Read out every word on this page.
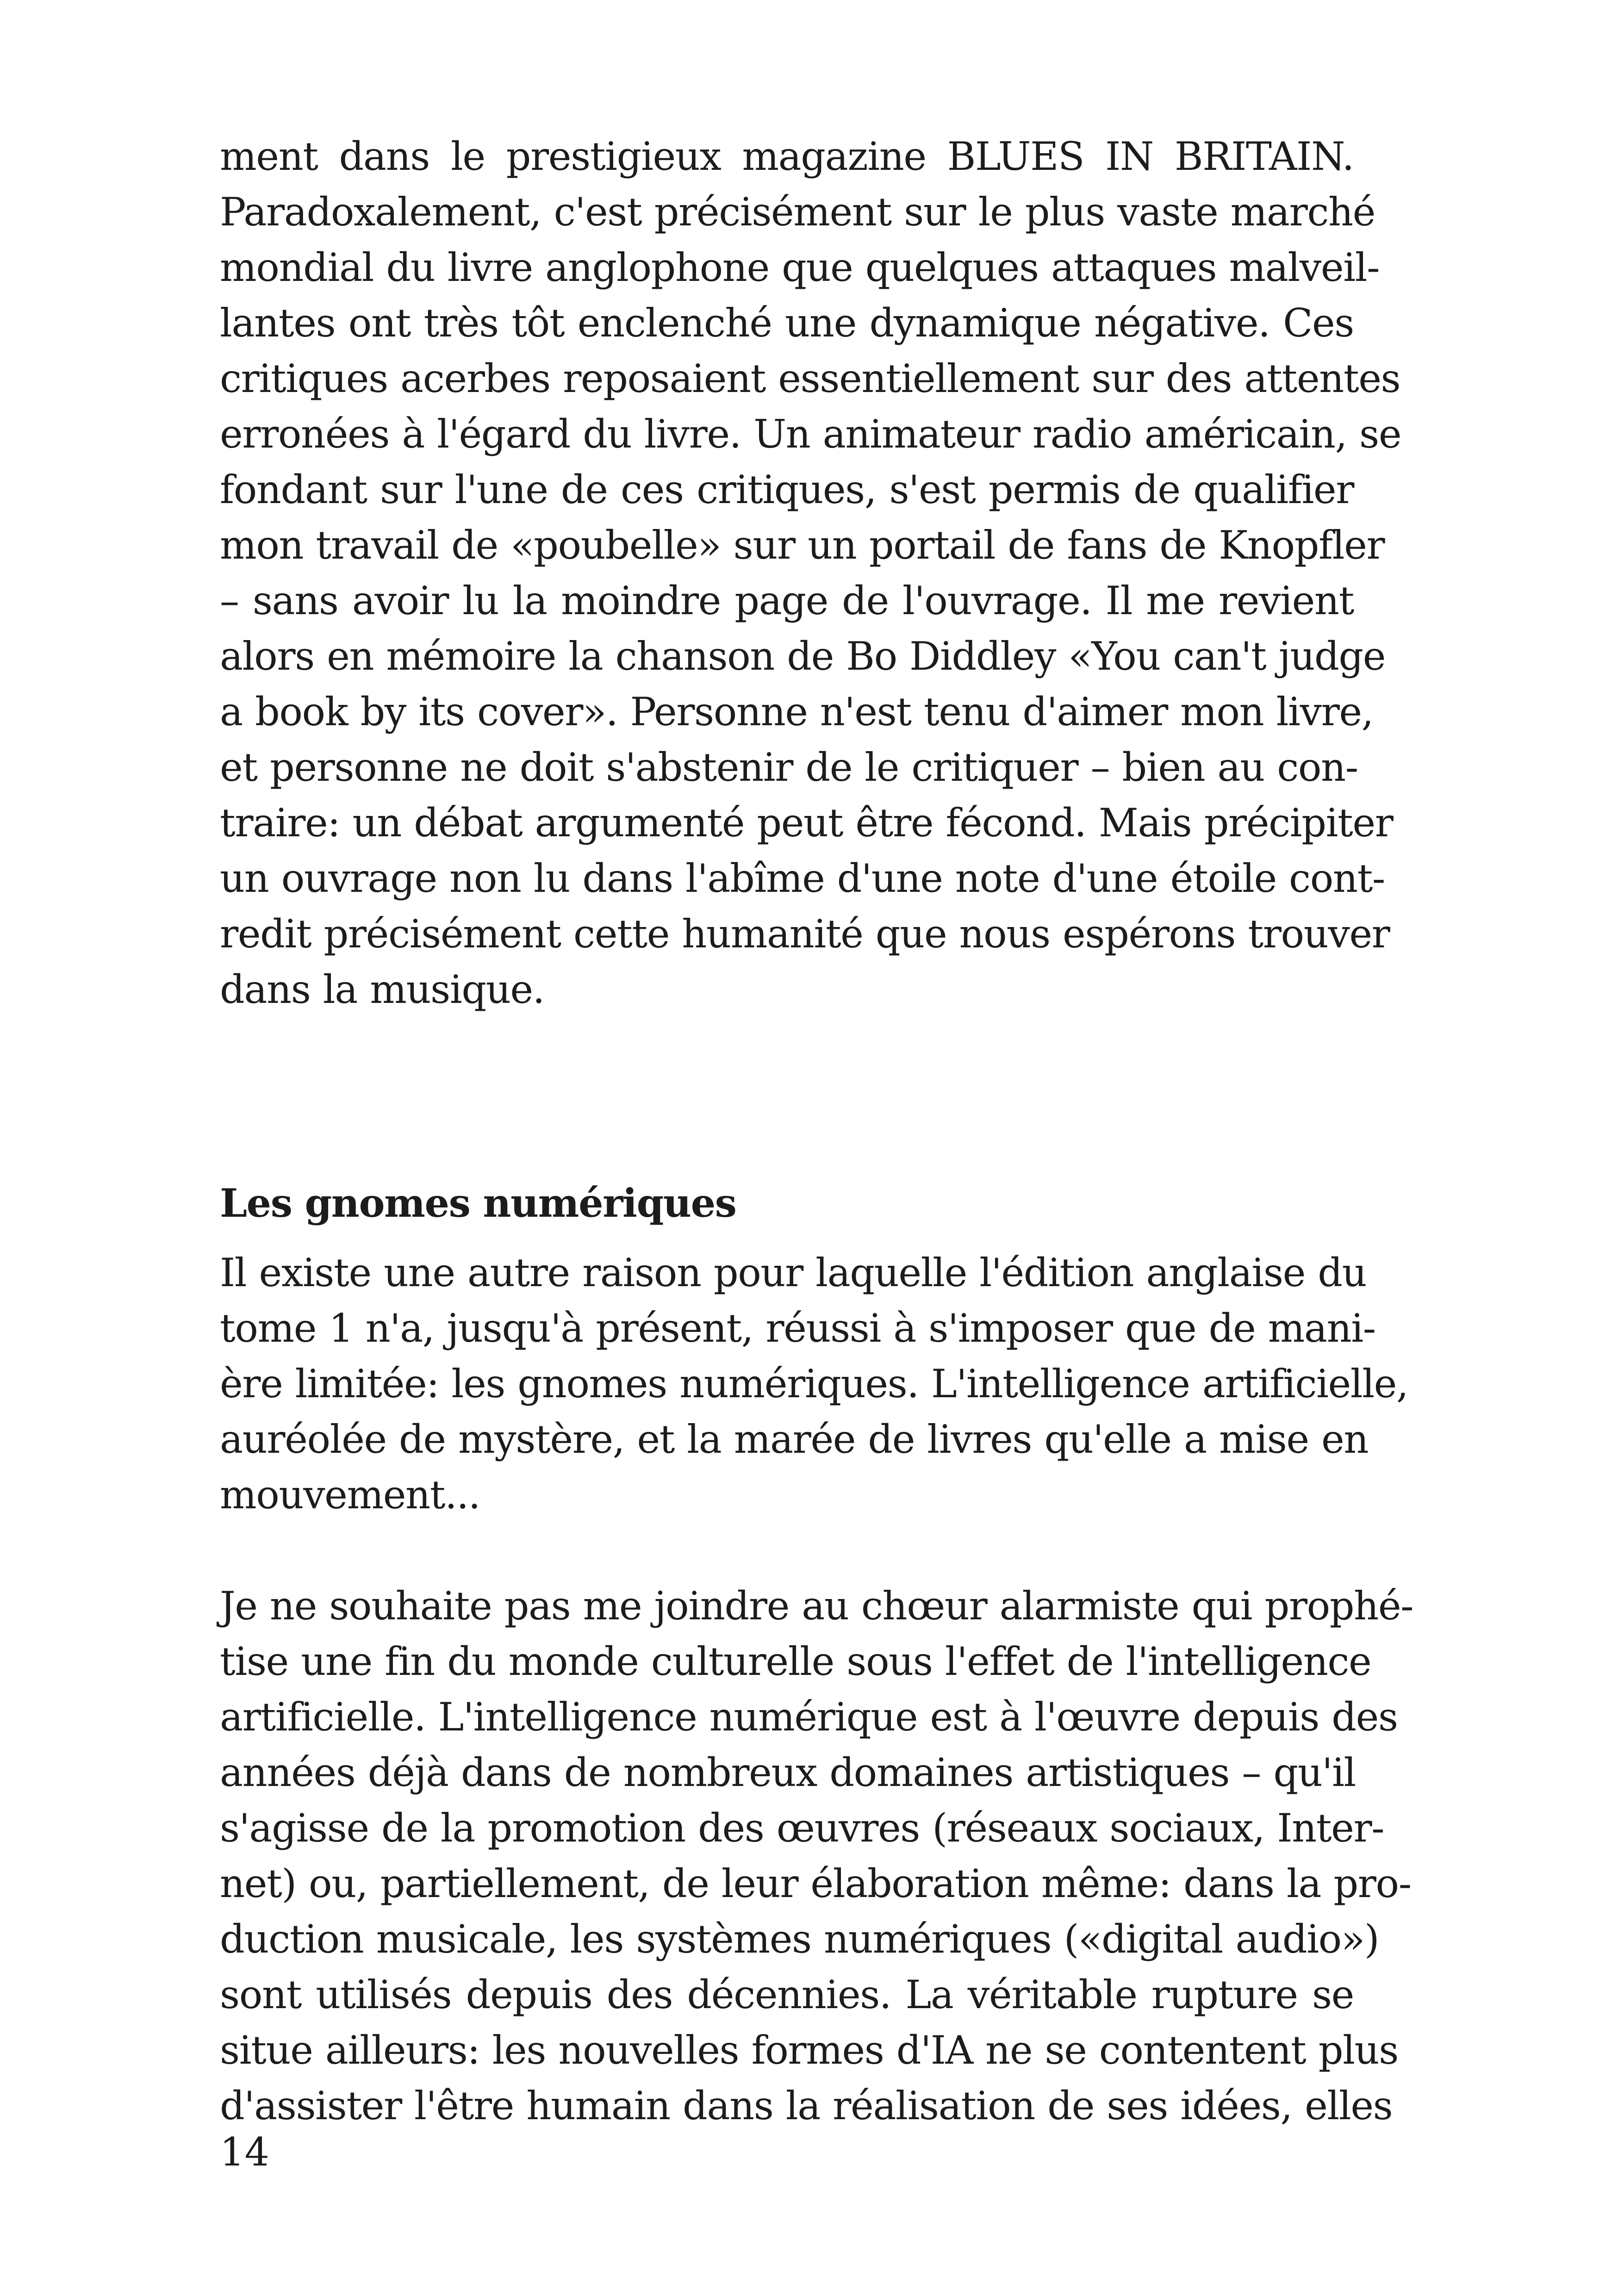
ment dans le prestigieux magazine BLUES IN BRITAIN.
Paradoxalement, c'est précisément sur le plus vaste marché
mondial du livre anglophone que quelques attaques malveil-
lantes ont très tôt enclenché une dynamique négative. Ces
critiques acerbes reposaient essentiellement sur des attentes
erronées à l'égard du livre. Un animateur radio américain, se
fondant sur l'une de ces critiques, s'est permis de qualifier
mon travail de «poubelle» sur un portail de fans de Knopfler
– sans avoir lu la moindre page de l'ouvrage. Il me revient
alors en mémoire la chanson de Bo Diddley «You can't judge
a book by its cover». Personne n'est tenu d'aimer mon livre,
et personne ne doit s'abstenir de le critiquer – bien au con-
traire: un débat argumenté peut être fécond. Mais précipiter
un ouvrage non lu dans l'abîme d'une note d'une étoile cont-
redit précisément cette humanité que nous espérons trouver
dans la musique.
Les gnomes numériques
Il existe une autre raison pour laquelle l'édition anglaise du
tome 1 n'a, jusqu'à présent, réussi à s'imposer que de mani-
ère limitée: les gnomes numériques. L'intelligence artificielle,
auréolée de mystère, et la marée de livres qu'elle a mise en
mouvement...
Je ne souhaite pas me joindre au chœur alarmiste qui prophé-
tise une fin du monde culturelle sous l'effet de l'intelligence
artificielle. L'intelligence numérique est à l'œuvre depuis des
années déjà dans de nombreux domaines artistiques – qu'il
s'agisse de la promotion des œuvres (réseaux sociaux, Inter-
net) ou, partiellement, de leur élaboration même: dans la pro-
duction musicale, les systèmes numériques («digital audio»)
sont utilisés depuis des décennies. La véritable rupture se
situe ailleurs: les nouvelles formes d'IA ne se contentent plus
d'assister l'être humain dans la réalisation de ses idées, elles
14
